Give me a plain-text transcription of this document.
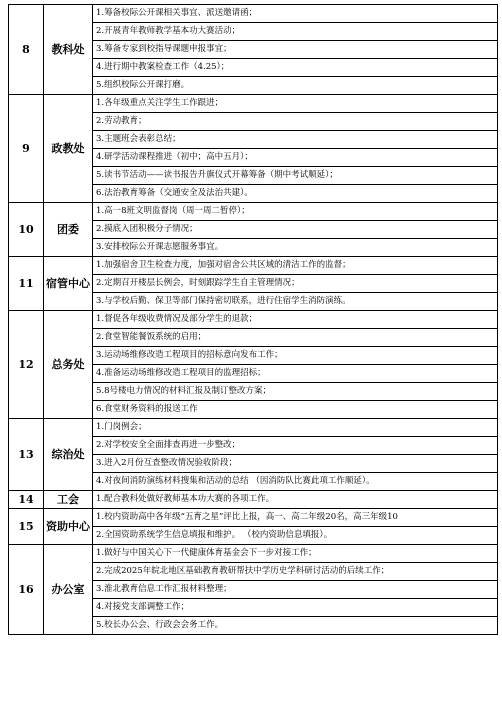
8	教科处	1.筹备校际公开课相关事宜、派送邀请函；
		2.开展青年教师教学基本功大赛活动；
		3.筹备专家到校指导课题申报事宜；
		4.进行期中教案检查工作（4.25）；
		5.组织校际公开课打磨。
9	政教处	1.各年级重点关注学生工作跟进；
		2.劳动教育；
		3.主题班会表彰总结；
		4.研学活动课程推进（初中；高中五月）；
		5.读书节活动——读书报告升旗仪式开幕筹备（期中考试顺延）；
		6.法治教育筹备（交通安全及法治共建）。
10	团委	1.高一8班文明监督岗（周一周二暂停）；
		2.摸底入团积极分子情况；
		3.安排校际公开课志愿服务事宜。
11	宿管中心	1.加强宿舍卫生检查力度，加强对宿舍公共区域的清洁工作的监督；
		2.定期召开楼层长例会，时刻跟踪学生自主管理情况；
		3.与学校后勤、保卫等部门保持密切联系，进行住宿学生消防演练。
12	总务处	1.督促各年级收费情况及部分学生的退款；
		2.食堂智能餐饭系统的启用；
		3.运动场维修改造工程项目的招标意向发布工作；
		4.准备运动场维修改造工程项目的监理招标；
		5.8号楼电力情况的材料汇报及制订整改方案；
		6.食堂财务资料的报送工作
13	综治处	1.门岗例会；
		2.对学校安全全面排查再进一步整改；
		3.进入2月份互查整改情况验收阶段；
		4.对夜间消防演练材料搜集和活动的总结 （因消防队比赛此项工作顺延）。
14	工会	1.配合教科处做好教师基本功大赛的各项工作。
15	资助中心	1.校内资助高中各年级“五育之星”评比上报，高一、高二年级20名，高三年级10
		2.全国资助系统学生信息填报和维护。 （校内资助信息填报）。
16	办公室	1.做好与中国关心下一代健康体育基金会下一步对接工作；
		2.完成2025年皖北地区基础教育教研帮扶中学历史学科研讨活动的后续工作；
		3.淮北教育信息工作汇报材料整理；
		4.对接党支部调整工作；
		5.校长办公会、行政会会务工作。
